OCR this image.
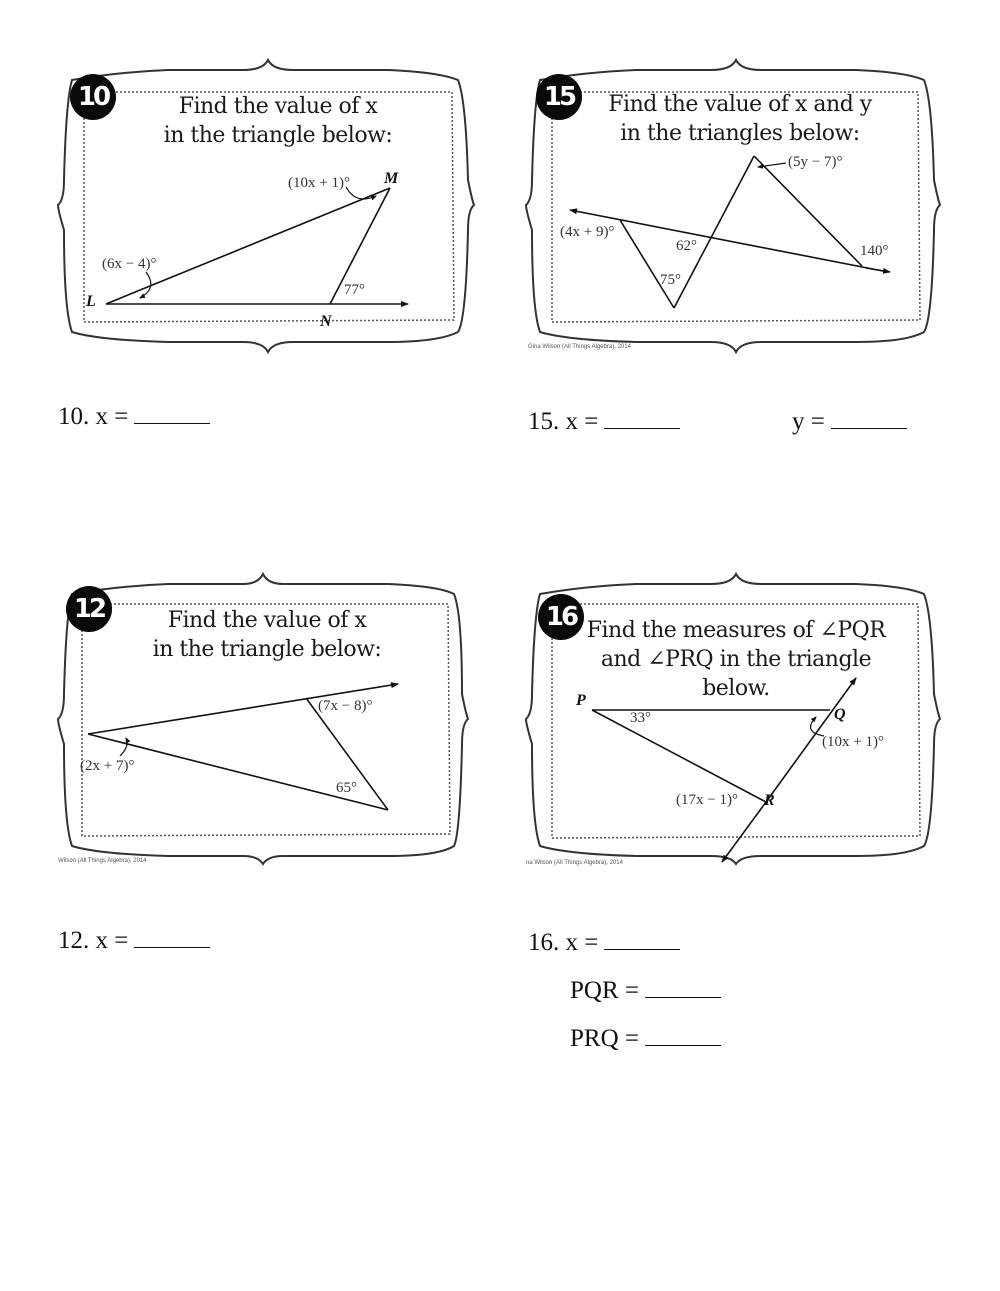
10	Find the value of x
in the triangle below:
(10x + 1)° M
(6x − 4)°
L
77°
N
15	Find the value of x and y
in the triangles below:
(5y − 7)°
(4x + 9)°
62°
75°
140°
Gina Wilson (All Things Algebra), 2014
12	Find the value of x
in the triangle below:
(7x − 8)°
(2x + 7)°
65°
Wilson (All Things Algebra), 2014
16 Find the measures of ∠PQR
and ∠PRQ in the triangle below.
P
33°	Q
(10x + 1)°
(17x − 1)° R
na Wilson (All Things Algebra), 2014
10. x =	15. x =	y =
12. x =	16. x =
PQR =
PRQ =
